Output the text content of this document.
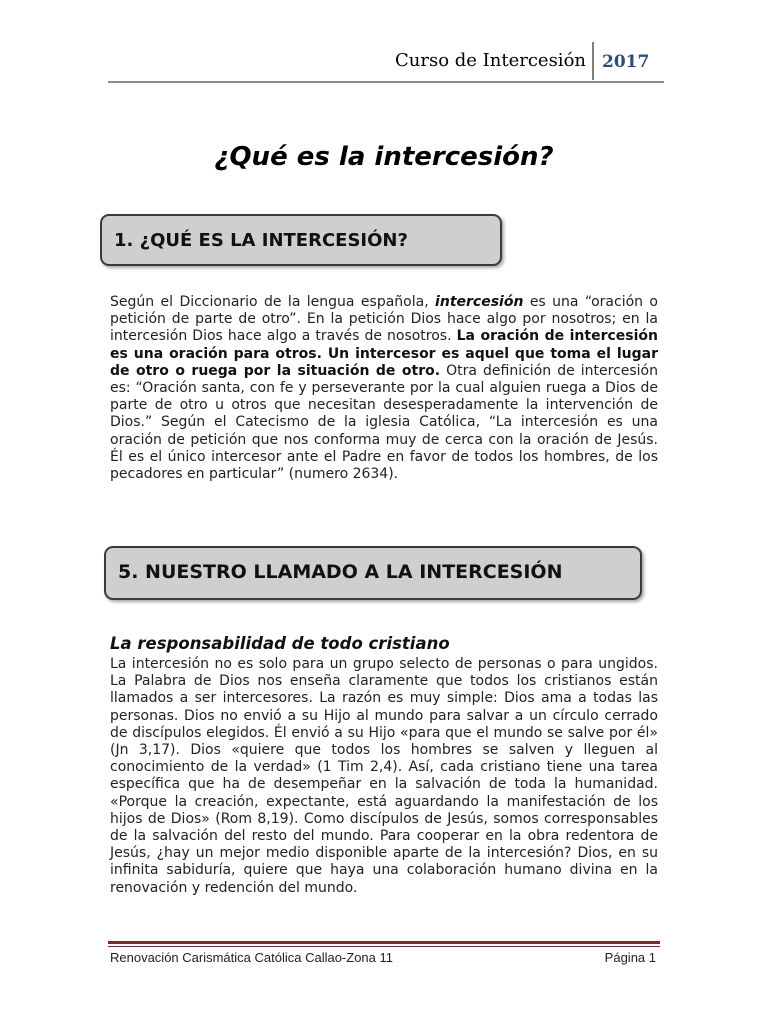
Curso de Intercesión 2017
¿Qué es la intercesión?
1. ¿QUÉ ES LA INTERCESIÓN?
Según el Diccionario de la lengua española, intercesión es una “oración o petición de parte de otro”. En la petición Dios hace algo por nosotros; en la intercesión Dios hace algo a través de nosotros. La oración de intercesión es una oración para otros. Un intercesor es aquel que toma el lugar de otro o ruega por la situación de otro. Otra definición de intercesión es: “Oración santa, con fe y perseverante por la cual alguien ruega a Dios de parte de otro u otros que necesitan desesperadamente la intervención de Dios.” Según el Catecismo de la iglesia Católica, “La intercesión es una oración de petición que nos conforma muy de cerca con la oración de Jesús. Él es el único intercesor ante el Padre en favor de todos los hombres, de los pecadores en particular” (numero 2634).
5. NUESTRO LLAMADO A LA INTERCESIÓN
La responsabilidad de todo cristiano
La intercesión no es solo para un grupo selecto de personas o para ungidos. La Palabra de Dios nos enseña claramente que todos los cristianos están llamados a ser intercesores. La razón es muy simple: Dios ama a todas las personas. Dios no envió a su Hijo al mundo para salvar a un círculo cerrado de discípulos elegidos. Él envió a su Hijo «para que el mundo se salve por él» (Jn 3,17). Dios «quiere que todos los hombres se salven y lleguen al conocimiento de la verdad» (1 Tim 2,4). Así, cada cristiano tiene una tarea específica que ha de desempeñar en la salvación de toda la humanidad. «Porque la creación, expectante, está aguardando la manifestación de los hijos de Dios» (Rom 8,19). Como discípulos de Jesús, somos corresponsables de la salvación del resto del mundo. Para cooperar en la obra redentora de Jesús, ¿hay un mejor medio disponible aparte de la intercesión? Dios, en su infinita sabiduría, quiere que haya una colaboración humano divina en la renovación y redención del mundo.
Renovación Carismática Católica Callao-Zona 11	Página 1
